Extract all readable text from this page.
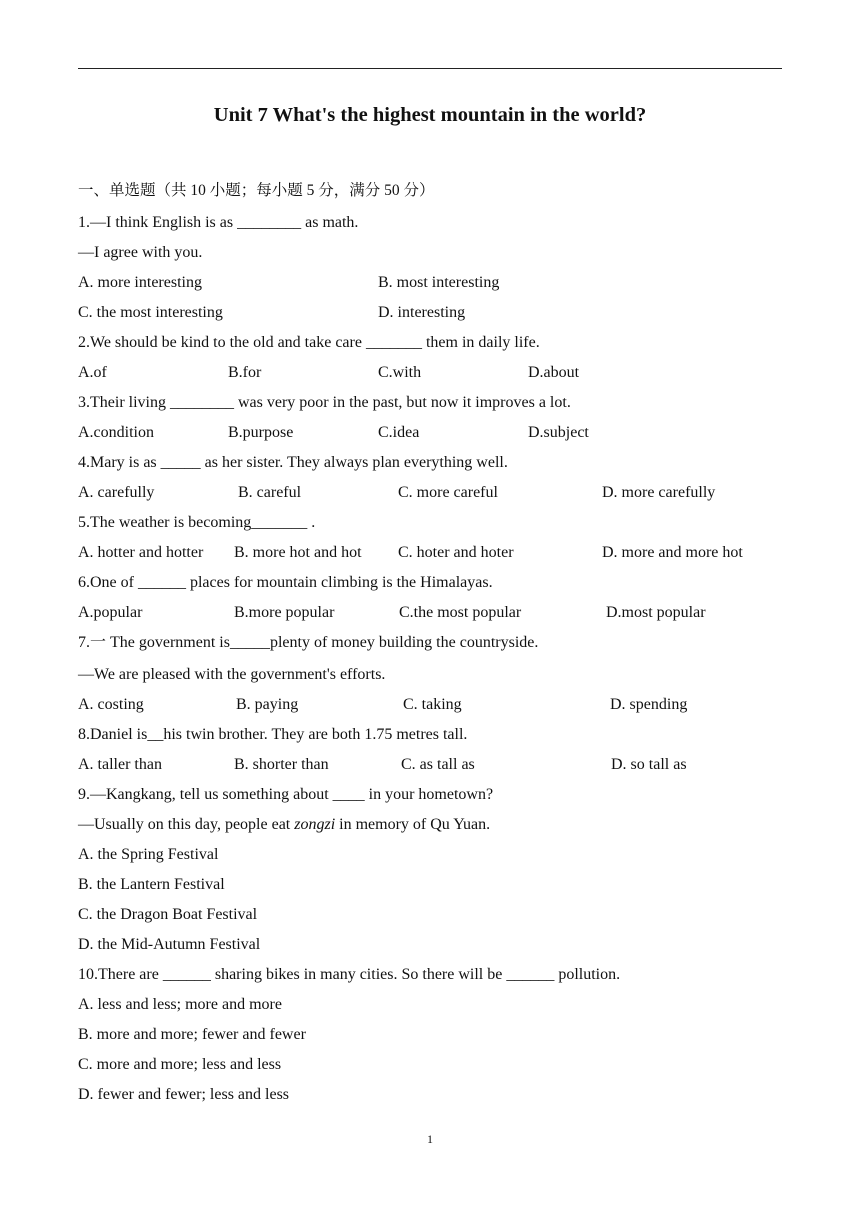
Unit 7 What's the highest mountain in the world?
一、单选题（共 10 小题；每小题 5 分，满分 50 分）
1.—I think English is as ________ as math.
—I agree with you.
A. more interesting	B. most interesting
C. the most interesting	D. interesting
2.We should be kind to the old and take care _______ them in daily life.
A.of	B.for	C.with	D.about
3.Their living ________ was very poor in the past, but now it improves a lot.
A.condition	B.purpose	C.idea	D.subject
4.Mary is as _____ as her sister. They always plan everything well.
A. carefully	B. careful	C. more careful	D. more carefully
5.The weather is becoming_______ .
A. hotter and hotter B. more hot and hot C. hoter and hoter	D. more and more hot
6.One of ______ places for mountain climbing is the Himalayas.
A.popular	B.more popular	C.the most popular	D.most popular
7.一 The government is_____plenty of money building the countryside.
—We are pleased with the government's efforts.
A. costing	B. paying	C. taking	D. spending
8.Daniel is__his twin brother. They are both 1.75 metres tall.
A. taller than	B. shorter than	C. as tall as	D. so tall as
9.—Kangkang, tell us something about ____ in your hometown?
—Usually on this day, people eat zongzi in memory of Qu Yuan.
A. the Spring Festival
B. the Lantern Festival
C. the Dragon Boat Festival
D. the Mid-Autumn Festival
10.There are ______ sharing bikes in many cities. So there will be ______ pollution.
A. less and less; more and more
B. more and more; fewer and fewer
C. more and more; less and less
D. fewer and fewer; less and less
1
